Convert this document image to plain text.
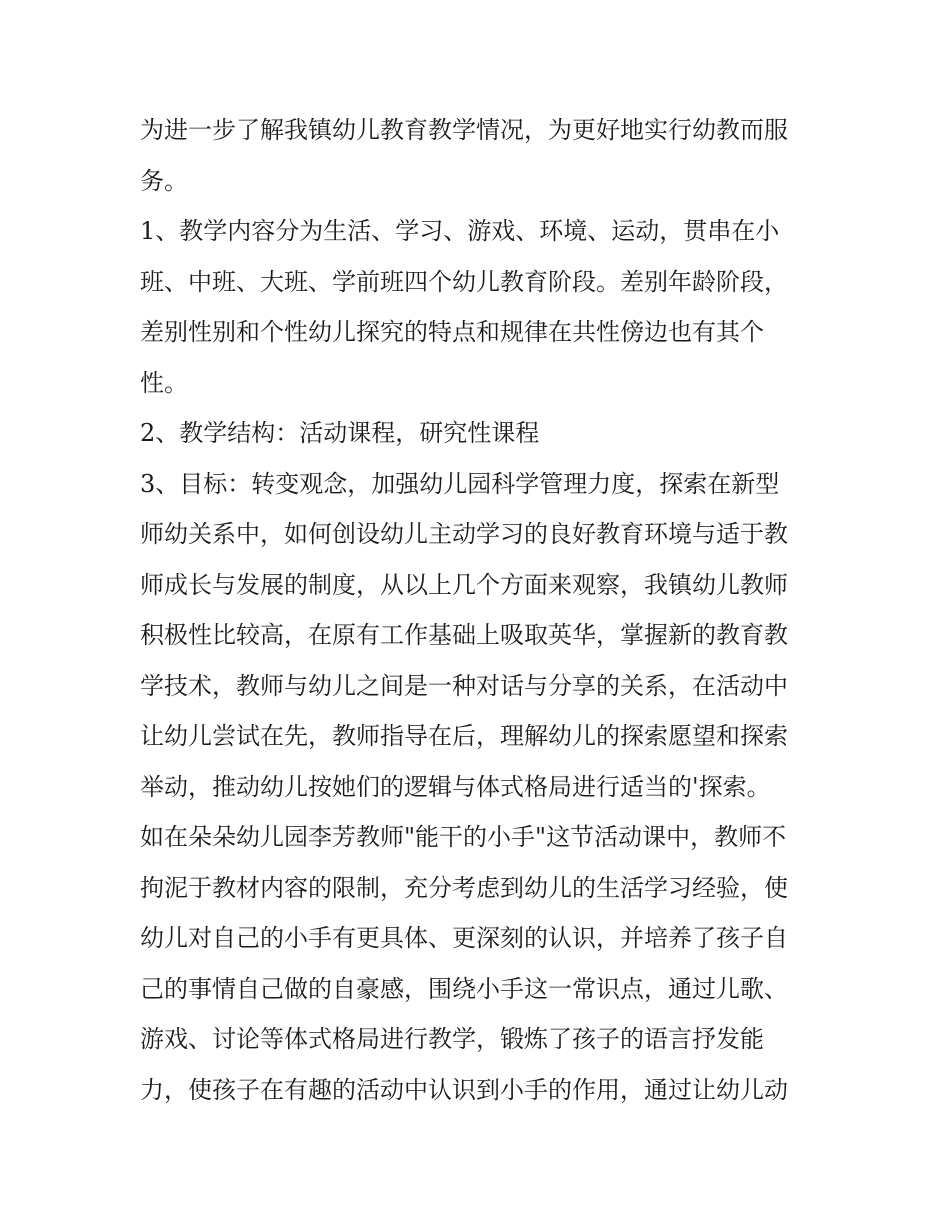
为进一步了解我镇幼儿教育教学情况，为更好地实行幼教而服
务。
1、教学内容分为生活、学习、游戏、环境、运动，贯串在小
班、中班、大班、学前班四个幼儿教育阶段。差别年龄阶段，
差别性别和个性幼儿探究的特点和规律在共性傍边也有其个
性。
2、教学结构：活动课程，研究性课程
3、目标：转变观念，加强幼儿园科学管理力度，探索在新型
师幼关系中，如何创设幼儿主动学习的良好教育环境与适于教
师成长与发展的制度，从以上几个方面来观察，我镇幼儿教师
积极性比较高，在原有工作基础上吸取英华，掌握新的教育教
学技术，教师与幼儿之间是一种对话与分享的关系，在活动中
让幼儿尝试在先，教师指导在后，理解幼儿的探索愿望和探索
举动，推动幼儿按她们的逻辑与体式格局进行适当的'探索。
如在朵朵幼儿园李芳教师"能干的小手"这节活动课中，教师不
拘泥于教材内容的限制，充分考虑到幼儿的生活学习经验，使
幼儿对自己的小手有更具体、更深刻的认识，并培养了孩子自
己的事情自己做的自豪感，围绕小手这一常识点，通过儿歌、
游戏、讨论等体式格局进行教学，锻炼了孩子的语言抒发能
力，使孩子在有趣的活动中认识到小手的作用，通过让幼儿动
